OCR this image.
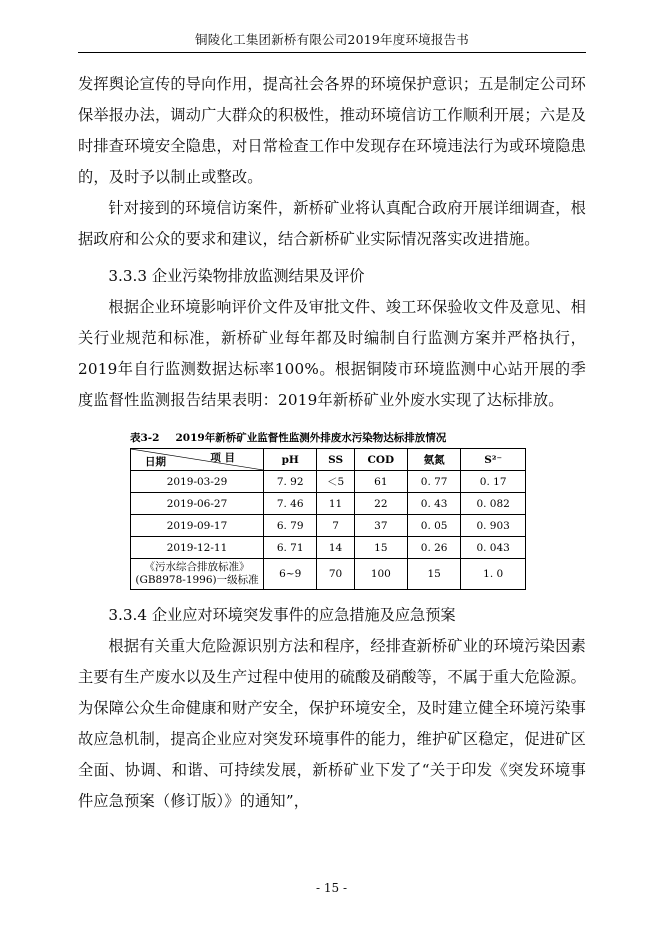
铜陵化工集团新桥有限公司2019年度环境报告书

发挥舆论宣传的导向作用，提高社会各界的环境保护意识；五是制定公司环保举报办法，调动广大群众的积极性，推动环境信访工作顺利开展；六是及时排查环境安全隐患，对日常检查工作中发现存在环境违法行为或环境隐患的，及时予以制止或整改。

针对接到的环境信访案件，新桥矿业将认真配合政府开展详细调查，根据政府和公众的要求和建议，结合新桥矿业实际情况落实改进措施。

3.3.3 企业污染物排放监测结果及评价

根据企业环境影响评价文件及审批文件、竣工环保验收文件及意见、相关行业规范和标准，新桥矿业每年都及时编制自行监测方案并严格执行，2019年自行监测数据达标率100%。根据铜陵市环境监测中心站开展的季度监督性监测报告结果表明：2019年新桥矿业外废水实现了达标排放。

表3-2 2019年新桥矿业监督性监测外排废水污染物达标排放情况
项 目
日期	pH	SS	COD	氨氮	S²⁻
2019-03-29	7. 92	＜5	61	0. 77	0. 17
2019-06-27	7. 46	11	22	0. 43	0. 082
2019-09-17	6. 79	7	37	0. 05	0. 903
2019-12-11	6. 71	14	15	0. 26	0. 043

《污水综合排放标准》
(GB8978-1996)一级标准	6~9	70	100	15	1. 0
3.3.4 企业应对环境突发事件的应急措施及应急预案

根据有关重大危险源识别方法和程序，经排查新桥矿业的环境污染因素主要有生产废水以及生产过程中使用的硫酸及硝酸等，不属于重大危险源。为保障公众生命健康和财产安全，保护环境安全，及时建立健全环境污染事故应急机制，提高企业应对突发环境事件的能力，维护矿区稳定，促进矿区全面、协调、和谐、可持续发展，新桥矿业下发了“关于印发《突发环境事件应急预案（修订版）》的通知”，

- 15 -
